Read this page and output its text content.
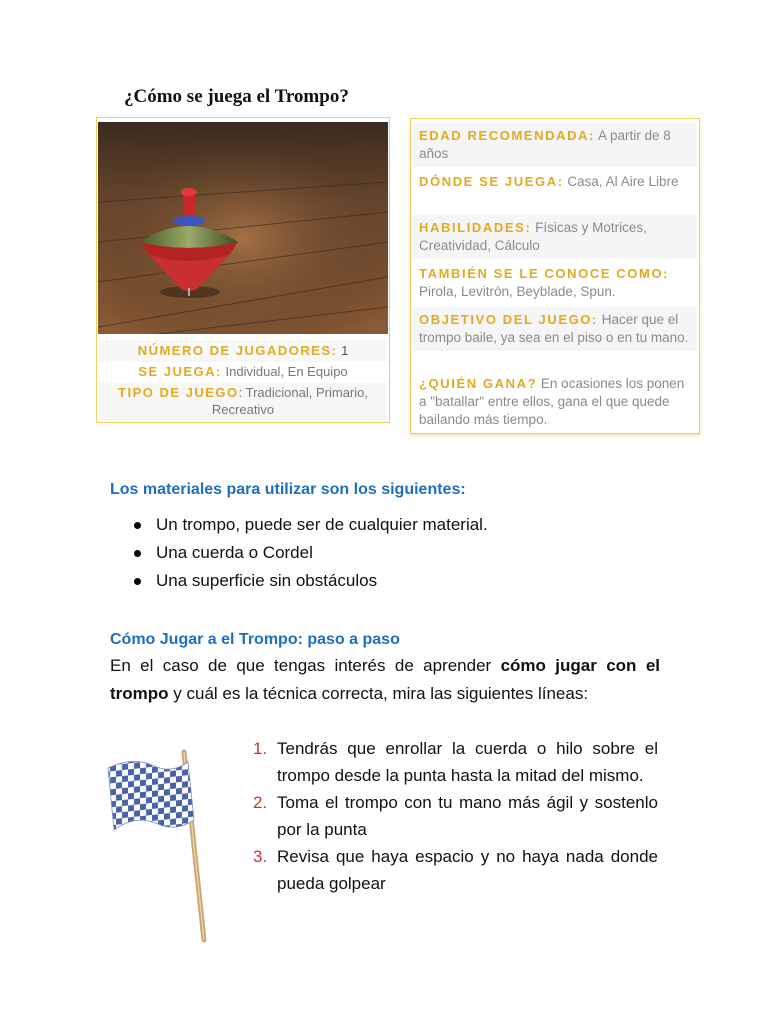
¿Cómo se juega el Trompo?
NÚMERO DE JUGADORES: 1
SE JUEGA: Individual, En Equipo
TIPO DE JUEGO: Tradicional, Primario, Recreativo
EDAD RECOMENDADA: A partir de 8 años
DÓNDE SE JUEGA: Casa, Al Aire Libre
HABILIDADES: Físicas y Motrices, Creatividad, Cálculo
TAMBIÉN SE LE CONOCE COMO: Pirola, Levitrón, Beyblade, Spun.
OBJETIVO DEL JUEGO: Hacer que el trompo baile, ya sea en el piso o en tu mano.
¿QUIÉN GANA? En ocasiones los ponen a "batallar" entre ellos, gana el que quede bailando más tiempo.
Los materiales para utilizar son los siguientes:
Un trompo, puede ser de cualquier material.
Una cuerda o Cordel
Una superficie sin obstáculos
Cómo Jugar a el Trompo: paso a paso
En el caso de que tengas interés de aprender cómo jugar con el trompo y cuál es la técnica correcta, mira las siguientes líneas:
1. Tendrás que enrollar la cuerda o hilo sobre el trompo desde la punta hasta la mitad del mismo.
2. Toma el trompo con tu mano más ágil y sostenlo por la punta
3. Revisa que haya espacio y no haya nada donde pueda golpear
